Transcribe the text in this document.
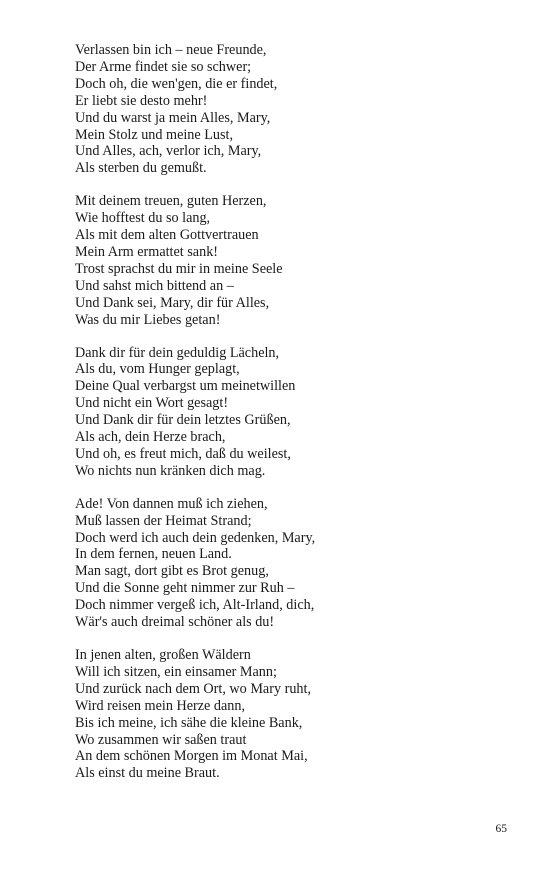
Verlassen bin ich – neue Freunde,
Der Arme findet sie so schwer;
Doch oh, die wen'gen, die er findet,
Er liebt sie desto mehr!
Und du warst ja mein Alles, Mary,
Mein Stolz und meine Lust,
Und Alles, ach, verlor ich, Mary,
Als sterben du gemußt.
Mit deinem treuen, guten Herzen,
Wie hofftest du so lang,
Als mit dem alten Gottvertrauen
Mein Arm ermattet sank!
Trost sprachst du mir in meine Seele
Und sahst mich bittend an –
Und Dank sei, Mary, dir für Alles,
Was du mir Liebes getan!
Dank dir für dein geduldig Lächeln,
Als du, vom Hunger geplagt,
Deine Qual verbargst um meinetwillen
Und nicht ein Wort gesagt!
Und Dank dir für dein letztes Grüßen,
Als ach, dein Herze brach,
Und oh, es freut mich, daß du weilest,
Wo nichts nun kränken dich mag.
Ade! Von dannen muß ich ziehen,
Muß lassen der Heimat Strand;
Doch werd ich auch dein gedenken, Mary,
In dem fernen, neuen Land.
Man sagt, dort gibt es Brot genug,
Und die Sonne geht nimmer zur Ruh –
Doch nimmer vergeß ich, Alt-Irland, dich,
Wär's auch dreimal schöner als du!
In jenen alten, großen Wäldern
Will ich sitzen, ein einsamer Mann;
Und zurück nach dem Ort, wo Mary ruht,
Wird reisen mein Herze dann,
Bis ich meine, ich sähe die kleine Bank,
Wo zusammen wir saßen traut
An dem schönen Morgen im Monat Mai,
Als einst du meine Braut.
65
